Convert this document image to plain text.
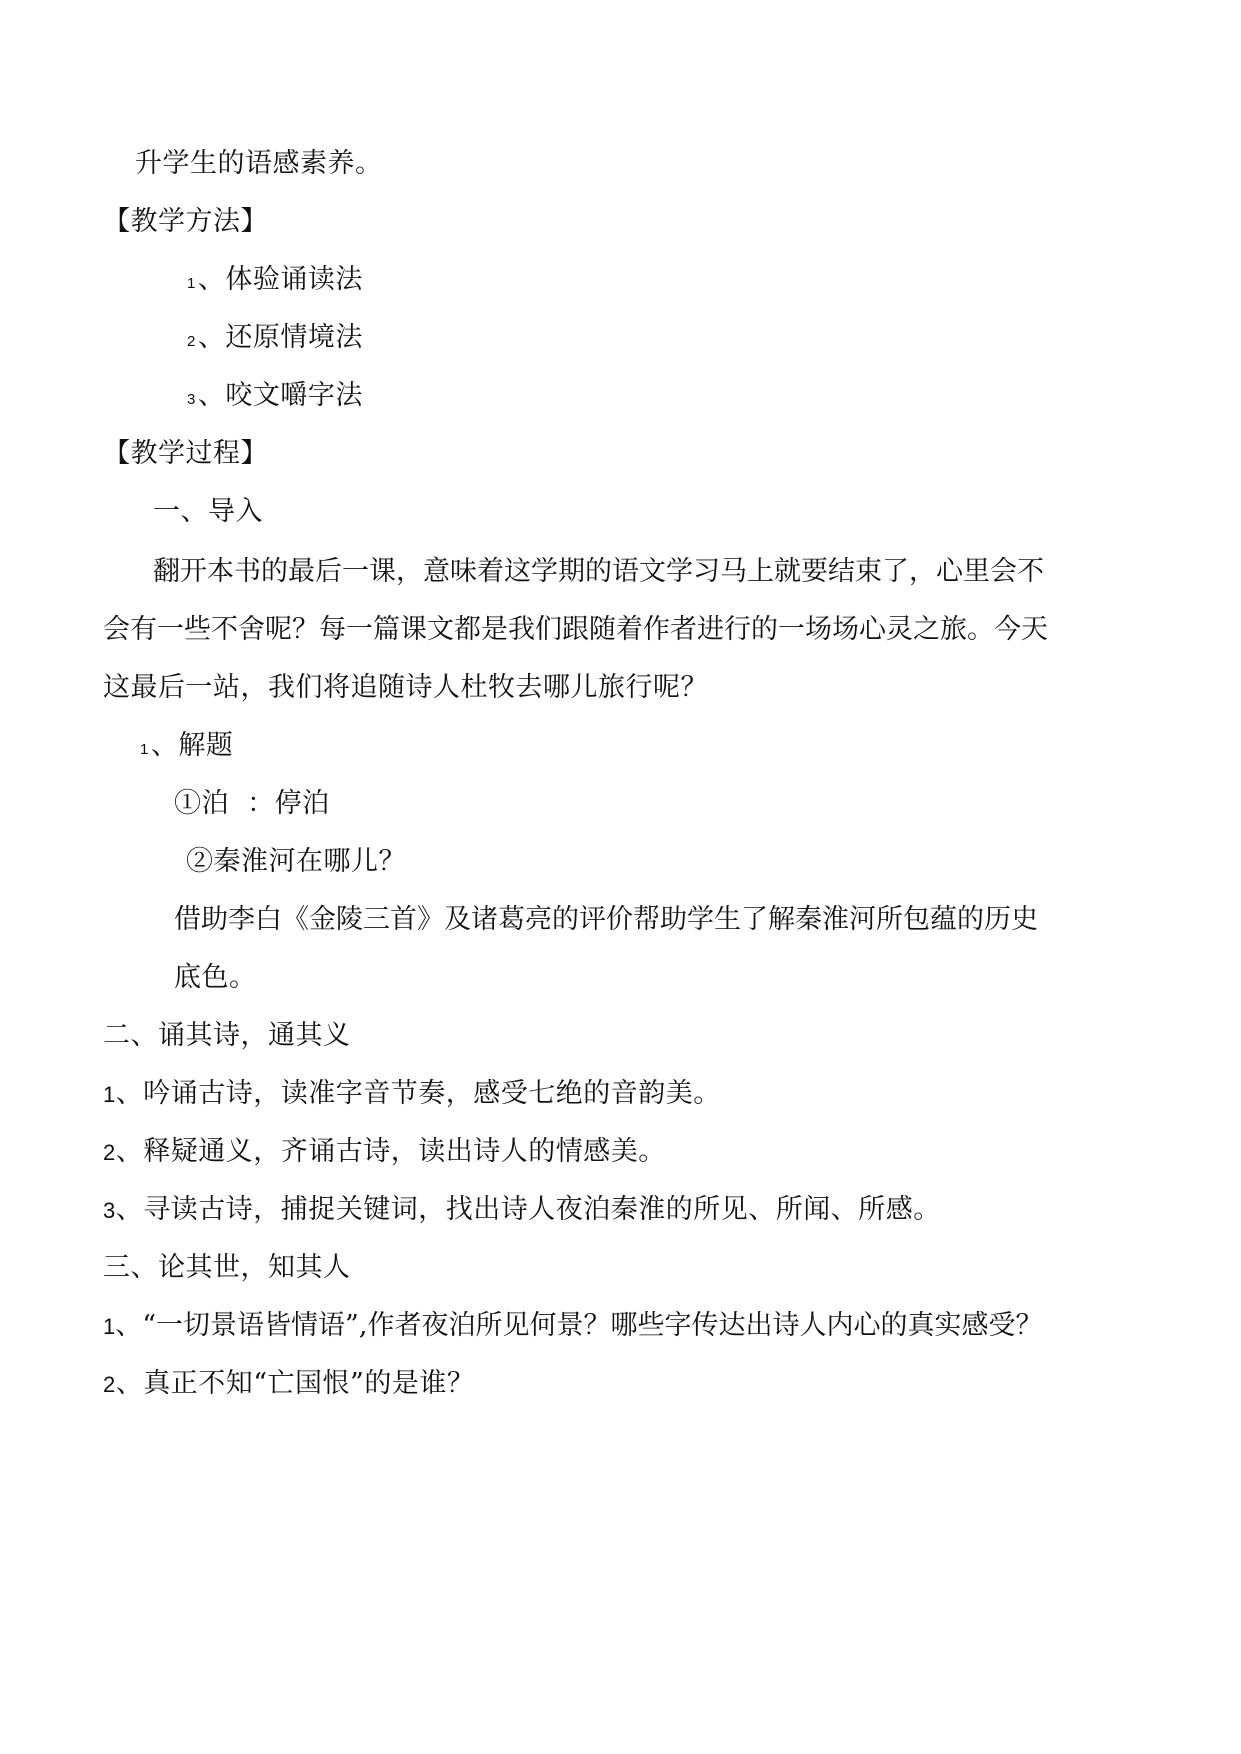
升学生的语感素养。
【教学方法】
1、体验诵读法
2、还原情境法
3、咬文嚼字法
【教学过程】
一、导入
翻开本书的最后一课，意味着这学期的语文学习马上就要结束了，心里会不
会有一些不舍呢？每一篇课文都是我们跟随着作者进行的一场场心灵之旅。今天
这最后一站，我们将追随诗人杜牧去哪儿旅行呢？
1、解题
①泊  ：停泊
②秦淮河在哪儿？
借助李白《金陵三首》及诸葛亮的评价帮助学生了解秦淮河所包蕴的历史
底色。
二、诵其诗，通其义
1、吟诵古诗，读准字音节奏，感受七绝的音韵美。
2、释疑通义，齐诵古诗，读出诗人的情感美。
3、寻读古诗，捕捉关键词，找出诗人夜泊秦淮的所见、所闻、所感。
三、论其世，知其人
1、“一切景语皆情语”,作者夜泊所见何景？哪些字传达出诗人内心的真实感受？
2、真正不知“亡国恨”的是谁？
